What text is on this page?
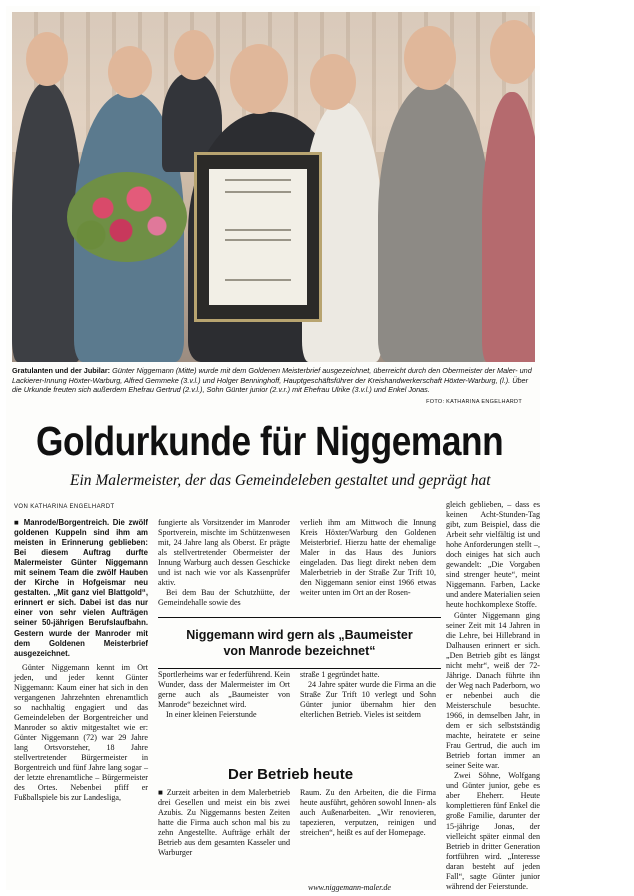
Gratulanten und der Jubilar: Günter Niggemann (Mitte) wurde mit dem Goldenen Meisterbrief ausgezeichnet, überreicht durch den Obermeister der Maler- und Lackierer-Innung Höxter-Warburg, Alfred Gemmeke (3.v.l.) und Holger Benninghoff, Hauptgeschäftsführer der Kreishandwerkerschaft Höxter-Warburg, (l.). Über die Urkunde freuten sich außerdem Ehefrau Gertrud (2.v.l.), Sohn Günter junior (2.v.r.) mit Ehefrau Ulrike (3.v.l.) und Enkel Jonas.
FOTO: KATHARINA ENGELHARDT
Goldurkunde für Niggemann
Ein Malermeister, der das Gemeindeleben gestaltet und geprägt hat
VON KATHARINA ENGELHARDT

■ Manrode/Borgentreich. Die zwölf goldenen Kuppeln sind ihm am meisten in Erinnerung geblieben: Bei diesem Auftrag durfte Malermeister Günter Niggemann mit seinem Team die zwölf Hauben der Kirche in Hofgeismar neu gestalten. „Mit ganz viel Blattgold“, erinnert er sich. Dabei ist das nur einer von sehr vielen Aufträgen seiner 50-jährigen Berufslaufbahn. Gestern wurde der Manroder mit dem Goldenen Meisterbrief ausgezeichnet.

Günter Niggemann kennt im Ort jeden, und jeder kennt Günter Niggemann: Kaum einer hat sich in den vergangenen Jahrzehnten ehrenamtlich so nachhaltig engagiert und das Gemeindeleben der Borgentreicher und Manroder so aktiv mitgestaltet wie er: Günter Niggemann (72) war 29 Jahre lang Ortsvorsteher, 18 Jahre stellvertretender Bürgermeister in Borgentreich und fünf Jahre lang sogar – der letzte ehrenamtliche – Bürgermeister des Ortes. Nebenbei pfiff er Fußballspiele bis zur Landesliga,

fungierte als Vorsitzender im Manroder Sportverein, mischte im Schützenwesen mit, 24 Jahre lang als Oberst. Er prägte als stellvertretender Obermeister der Innung Warburg auch dessen Geschicke und ist nach wie vor als Kassenprüfer aktiv.

Bei dem Bau der Schutzhütte, der Gemeindehalle sowie des

Sportlerheims war er federführend. Kein Wunder, dass der Malermeister im Ort gerne auch als „Baumeister von Manrode“ bezeichnet wird.

In einer kleinen Feierstunde

■ Zurzeit arbeiten in dem Malerbetrieb drei Gesellen und meist ein bis zwei Azubis. Zu Niggemanns besten Zeiten hatte die Firma auch schon mal bis zu zehn Angestellte. Aufträge erhält der Betrieb aus dem gesamten Kasseler und Warburger

verlieh ihm am Mittwoch die Innung Kreis Höxter/Warburg den Goldenen Meisterbrief. Hierzu hatte der ehemalige Maler in das Haus des Juniors eingeladen. Das liegt direkt neben dem Malerbetrieb in der Straße Zur Trift 10, den Niggemann senior einst 1966 etwas weiter unten im Ort an der Rosen-

straße 1 gegründet hatte.

24 Jahre später wurde die Firma an die Straße Zur Trift 10 verlegt und Sohn Günter junior übernahm hier den elterlichen Betrieb. Vieles ist seitdem

Raum. Zu den Arbeiten, die die Firma heute ausführt, gehören sowohl Innen- als auch Außenarbeiten. „Wir renovieren, tapezieren, verputzen, reinigen und streichen“, heißt es auf der Homepage.

gleich geblieben, – dass es keinen Acht-Stunden-Tag gibt, zum Beispiel, dass die Arbeit sehr vielfältig ist und hohe Anforderungen stellt –, doch einiges hat sich auch gewandelt: „Die Vorgaben sind strenger heute“, meint Niggemann. Farben, Lacke und andere Materialien seien heute hochkomplexe Stoffe.

Günter Niggemann ging seiner Zeit mit 14 Jahren in die Lehre, bei Hillebrand in Dalhausen erinnert er sich. „Den Betrieb gibt es längst nicht mehr“, weiß der 72-Jährige. Danach führte ihn der Weg nach Paderborn, wo er nebenbei auch die Meisterschule besuchte. 1966, in demselben Jahr, in dem er sich selbstständig machte, heiratete er seine Frau Gertrud, die auch im Betrieb fortan immer an seiner Seite war.

Zwei Söhne, Wolfgang und Günter junior, gebe es aber Eheherr. Heute komplettieren fünf Enkel die große Familie, darunter der 15-jährige Jonas, der vielleicht später einmal den Betrieb in dritter Generation fortführen wird. „Interesse daran besteht auf jeden Fall“, sagte Günter junior während der Feierstunde.

Niggemann wird gern als „Baumeister
von Manrode bezeichnet“
Der Betrieb heute
www.niggemann-maler.de
